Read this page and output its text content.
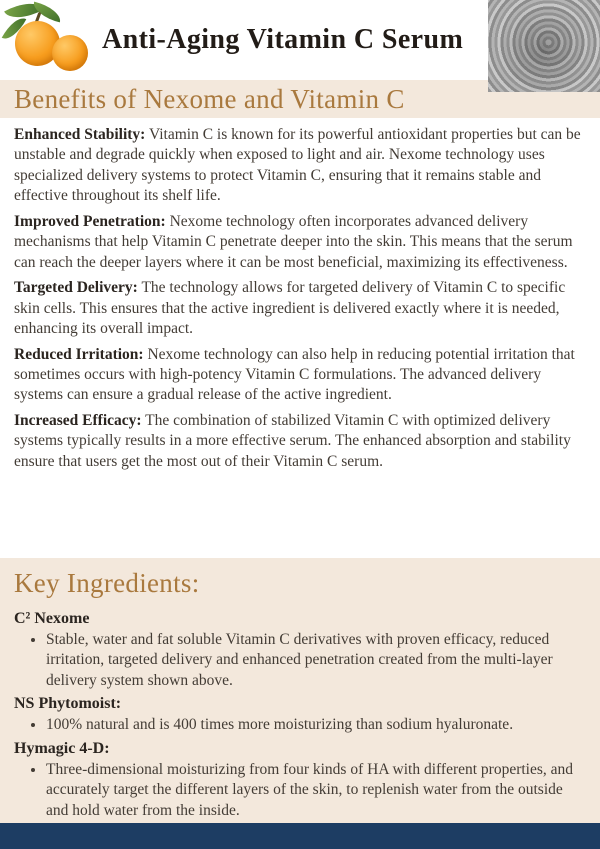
Anti-Aging Vitamin C Serum
Benefits of Nexome and Vitamin C

Enhanced Stability: Vitamin C is known for its powerful antioxidant properties but can be unstable and degrade quickly when exposed to light and air. Nexome technology uses specialized delivery systems to protect Vitamin C, ensuring that it remains stable and effective throughout its shelf life.

Improved Penetration: Nexome technology often incorporates advanced delivery mechanisms that help Vitamin C penetrate deeper into the skin. This means that the serum can reach the deeper layers where it can be most beneficial, maximizing its effectiveness.

Targeted Delivery: The technology allows for targeted delivery of Vitamin C to specific skin cells. This ensures that the active ingredient is delivered exactly where it is needed, enhancing its overall impact.

Reduced Irritation: Nexome technology can also help in reducing potential irritation that sometimes occurs with high-potency Vitamin C formulations. The advanced delivery systems can ensure a gradual release of the active ingredient.

Increased Efficacy: The combination of stabilized Vitamin C with optimized delivery systems typically results in a more effective serum. The enhanced absorption and stability ensure that users get the most out of their Vitamin C serum.

Key Ingredients:
C² Nexome
• Stable, water and fat soluble Vitamin C derivatives with proven efficacy, reduced irritation, targeted delivery and enhanced penetration created from the multi-layer delivery system shown above.
NS Phytomoist:
• 100% natural and is 400 times more moisturizing than sodium hyaluronate.
Hymagic 4-D:
• Three-dimensional moisturizing from four kinds of HA with different properties, and accurately target the different layers of the skin, to replenish water from the outside and hold water from the inside.
